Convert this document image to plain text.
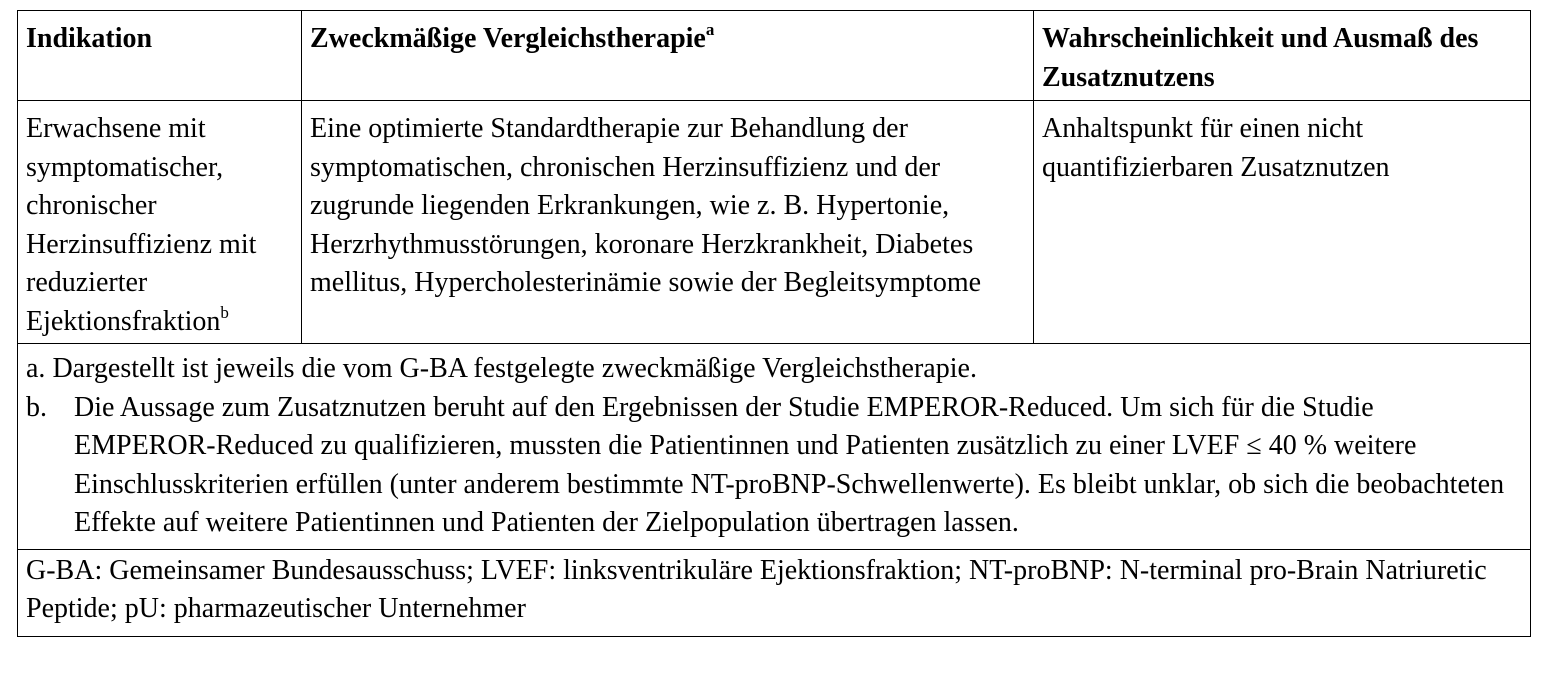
Indikation	Zweckmäßige Vergleichstherapie$^a$	Wahrscheinlichkeit und Ausmaß des Zusatznutzens
Erwachsene mit symptomatischer, chronischer Herzinsuffizienz mit reduzierter Ejektionsfraktion$^b$	Eine optimierte Standardtherapie zur Behandlung der symptomatischen, chronischen Herzinsuffizienz und der zugrunde liegenden Erkrankungen, wie z. B. Hypertonie, Herzrhythmusstörungen, koronare Herzkrankheit, Diabetes mellitus, Hypercholesterinämie sowie der Begleitsymptome	Anhaltspunkt für einen nicht quantifizierbaren Zusatznutzen

a. Dargestellt ist jeweils die vom G-BA festgelegte zweckmäßige Vergleichstherapie.
b. Die Aussage zum Zusatznutzen beruht auf den Ergebnissen der Studie EMPEROR-Reduced. Um sich für die Studie EMPEROR-Reduced zu qualifizieren, mussten die Patientinnen und Patienten zusätzlich zu einer LVEF ≤ 40 % weitere Einschlusskriterien erfüllen (unter anderem bestimmte NT-proBNP-Schwellenwerte). Es bleibt unklar, ob sich die beobachteten Effekte auf weitere Patientinnen und Patienten der Zielpopulation übertragen lassen.		

G-BA: Gemeinsamer Bundesausschuss; LVEF: linksventrikuläre Ejektionsfraktion; NT-proBNP: N-terminal pro-Brain Natriuretic Peptide; pU: pharmazeutischer Unternehmer		
